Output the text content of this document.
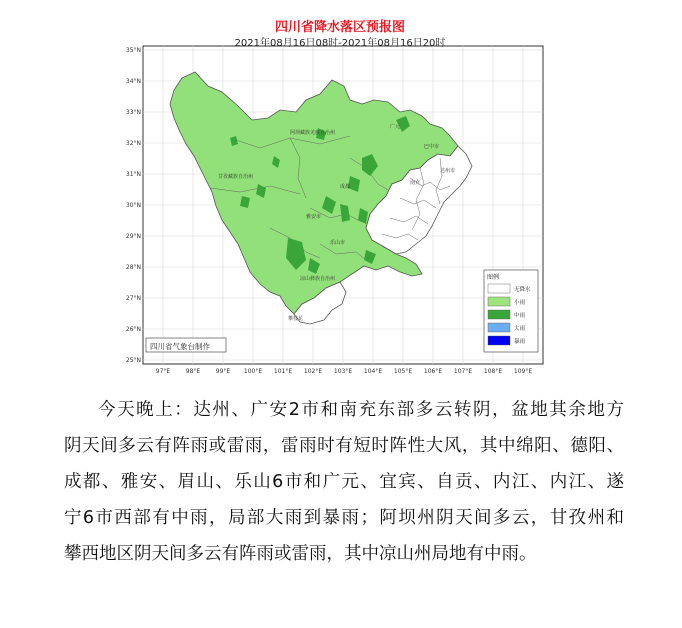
阿坝藏族羌族自治州
甘孜藏族自治州
雅安市
成都
乐山市
凉山彝族自治州
攀枝花
巴中市
达州市
南充
广元
35°N
34°N
33°N
32°N
31°N
30°N
29°N
28°N
27°N
26°N
25°N
97°E	98°E	99°E 100°E 101°E 102°E 103°E 104°E 105°E 106°E 107°E 108°E 109°E
四川省气象台制作
图例
无降水
小雨
中雨
大雨
暴雨
四川省降水落区预报图
2021年08月16日08时-2021年08月16日20时

今天晚上：达州、广安2市和南充东部多云转阴，盆地其余地方

阴天间多云有阵雨或雷雨，雷雨时有短时阵性大风，其中绵阳、德阳、

成都、雅安、眉山、乐山6市和广元、宜宾、自贡、内江、内江、遂

宁6市西部有中雨，局部大雨到暴雨；阿坝州阴天间多云，甘孜州和

攀西地区阴天间多云有阵雨或雷雨，其中凉山州局地有中雨。
